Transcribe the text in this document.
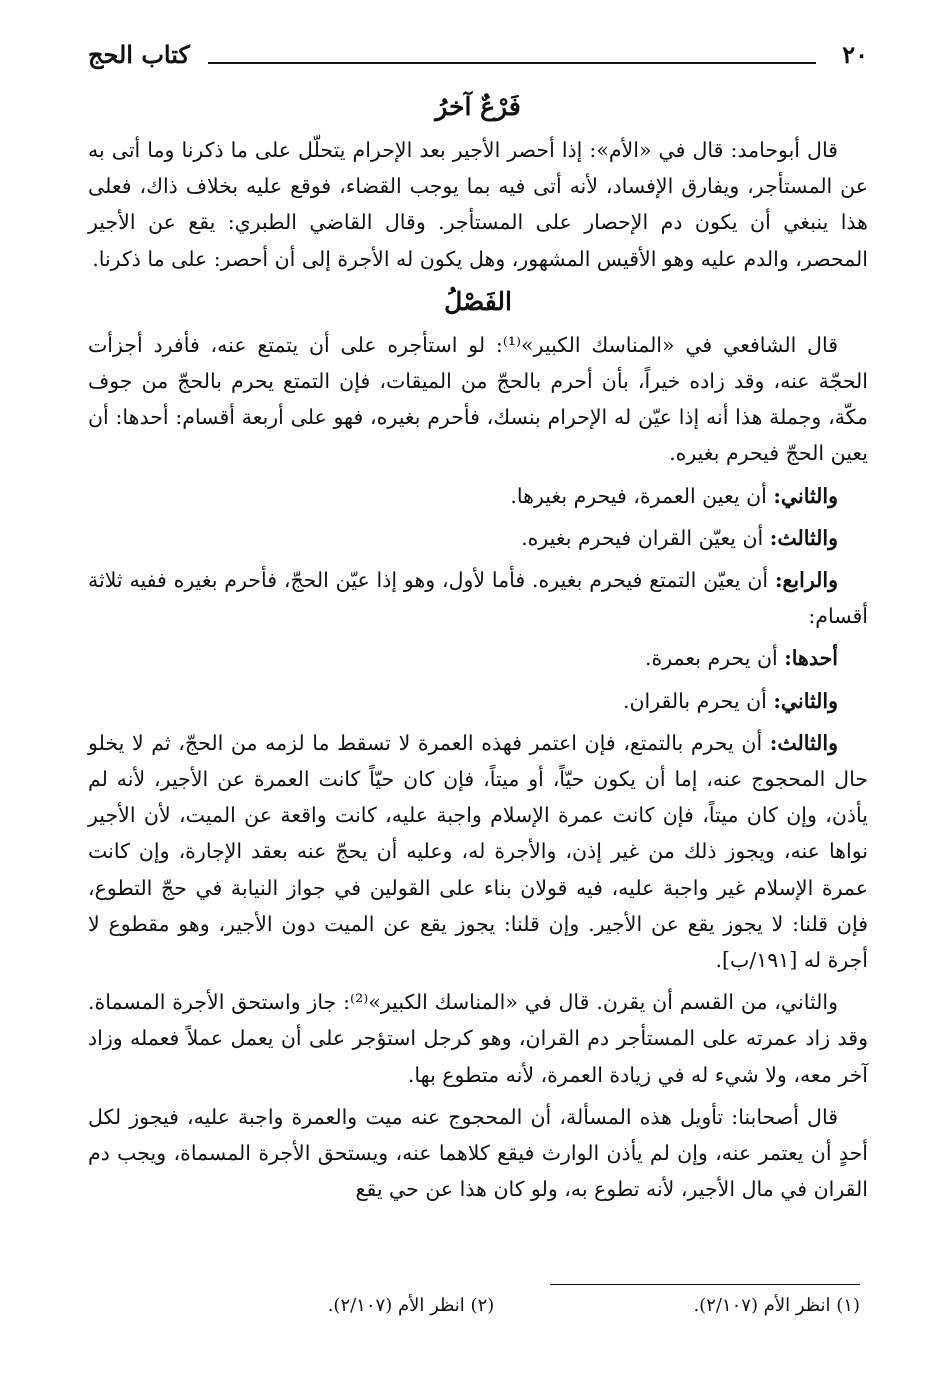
٢٠
كتاب الحج
فَرْعٌ آخرُ

قال أبوحامد: قال في «الأم»: إذا أحصر الأجير بعد الإحرام يتحلّل على ما ذكرنا وما أتى به عن المستأجر، ويفارق الإفساد، لأنه أتى فيه بما يوجب القضاء، فوقع عليه بخلاف ذاك، فعلى هذا ينبغي أن يكون دم الإحصار على المستأجر. وقال القاضي الطبري: يقع عن الأجير المحصر، والدم عليه وهو الأقيس المشهور، وهل يكون له الأجرة إلى أن أحصر: على ما ذكرنا.

الفَصْلُ

قال الشافعي في «المناسك الكبير»⁽¹⁾: لو استأجره على أن يتمتع عنه، فأفرد أجزأت الحجّة عنه، وقد زاده خيراً، بأن أحرم بالحجّ من الميقات، فإن التمتع يحرم بالحجّ من جوف مكّة، وجملة هذا أنه إذا عيّن له الإحرام بنسك، فأحرم بغيره، فهو على أربعة أقسام: أحدها: أن يعين الحجّ فيحرم بغيره.

والثاني: أن يعين العمرة، فيحرم بغيرها.

والثالث: أن يعيّن القران فيحرم بغيره.

والرابع: أن يعيّن التمتع فيحرم بغيره. فأما لأول، وهو إذا عيّن الحجّ، فأحرم بغيره ففيه ثلاثة أقسام:

أحدها: أن يحرم بعمرة.

والثاني: أن يحرم بالقران.

والثالث: أن يحرم بالتمتع، فإن اعتمر فهذه العمرة لا تسقط ما لزمه من الحجّ، ثم لا يخلو حال المحجوج عنه، إما أن يكون حيّاً، أو ميتاً، فإن كان حيّاً كانت العمرة عن الأجير، لأنه لم يأذن، وإن كان ميتاً، فإن كانت عمرة الإسلام واجبة عليه، كانت واقعة عن الميت، لأن الأجير نواها عنه، ويجوز ذلك من غير إذن، والأجرة له، وعليه أن يحجّ عنه بعقد الإجارة، وإن كانت عمرة الإسلام غير واجبة عليه، فيه قولان بناء على القولين في جواز النيابة في حجّ التطوع، فإن قلنا: لا يجوز يقع عن الأجير. وإن قلنا: يجوز يقع عن الميت دون الأجير، وهو مقطوع لا أجرة له [١٩١/ب].

والثاني، من القسم أن يقرن. قال في «المناسك الكبير»⁽²⁾: جاز واستحق الأجرة المسماة. وقد زاد عمرته على المستأجر دم القران، وهو كرجل استؤجر على أن يعمل عملاً فعمله وزاد آخر معه، ولا شيء له في زيادة العمرة، لأنه متطوع بها.

قال أصحابنا: تأويل هذه المسألة، أن المحجوج عنه ميت والعمرة واجبة عليه، فيجوز لكل أحدٍ أن يعتمر عنه، وإن لم يأذن الوارث فيقع كلاهما عنه، ويستحق الأجرة المسماة، ويجب دم القران في مال الأجير، لأنه تطوع به، ولو كان هذا عن حي يقع

(١) انظر الأم (٢/١٠٧). (٢) انظر الأم (٢/١٠٧).
